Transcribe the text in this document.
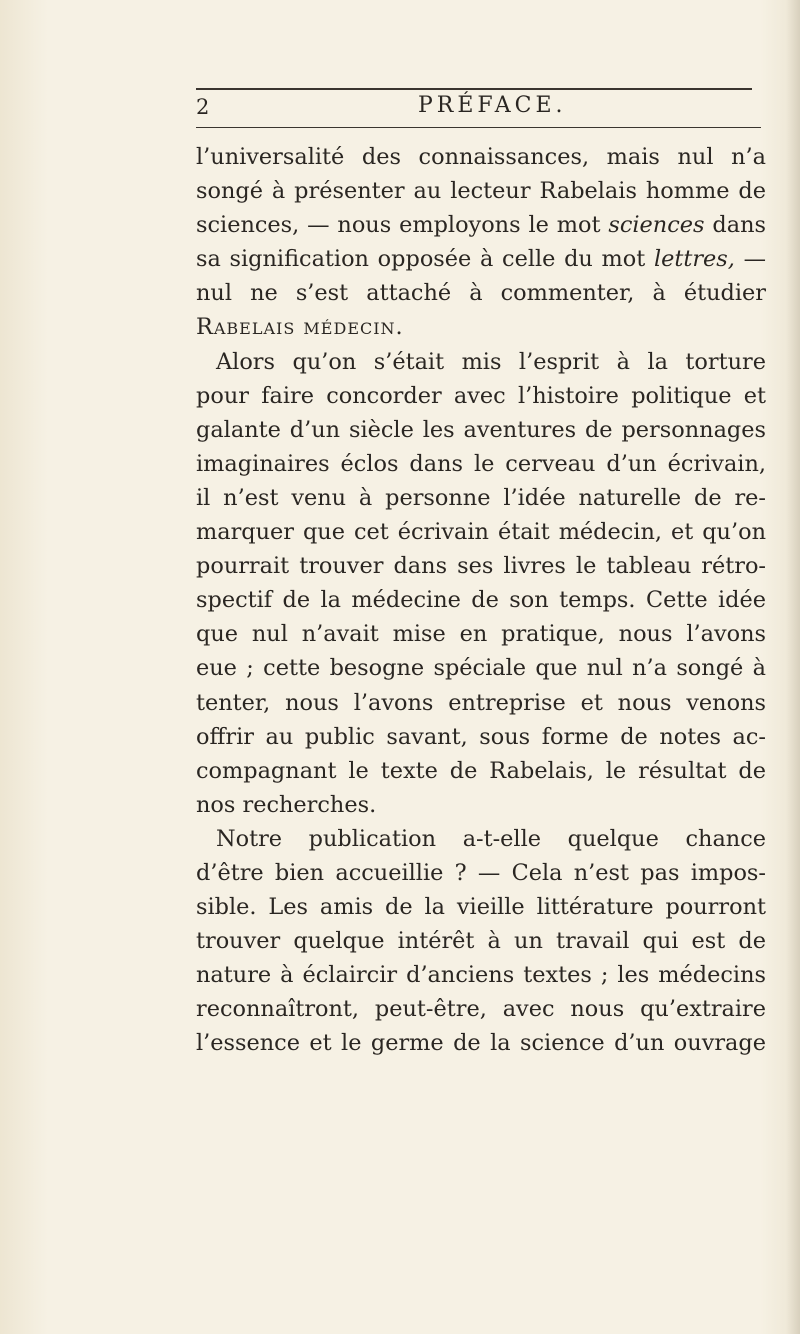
2	PRÉFACE.
l’universalité des connaissances, mais nul n’a
songé à présenter au lecteur Rabelais homme de
sciences, — nous employons le mot sciences dans
sa signification opposée à celle du mot lettres, —
nul ne s’est attaché à commenter, à étudier
Rabelais médecin.
Alors qu’on s’était mis l’esprit à la torture
pour faire concorder avec l’histoire politique et
galante d’un siècle les aventures de personnages
imaginaires éclos dans le cerveau d’un écrivain,
il n’est venu à personne l’idée naturelle de re-
marquer que cet écrivain était médecin, et qu’on
pourrait trouver dans ses livres le tableau rétro-
spectif de la médecine de son temps. Cette idée
que nul n’avait mise en pratique, nous l’avons
eue ; cette besogne spéciale que nul n’a songé à
tenter, nous l’avons entreprise et nous venons
offrir au public savant, sous forme de notes ac-
compagnant le texte de Rabelais, le résultat de
nos recherches.
Notre publication a-t-elle quelque chance
d’être bien accueillie ? — Cela n’est pas impos-
sible. Les amis de la vieille littérature pourront
trouver quelque intérêt à un travail qui est de
nature à éclaircir d’anciens textes ; les médecins
reconnaîtront, peut-être, avec nous qu’extraire
l’essence et le germe de la science d’un ouvrage
